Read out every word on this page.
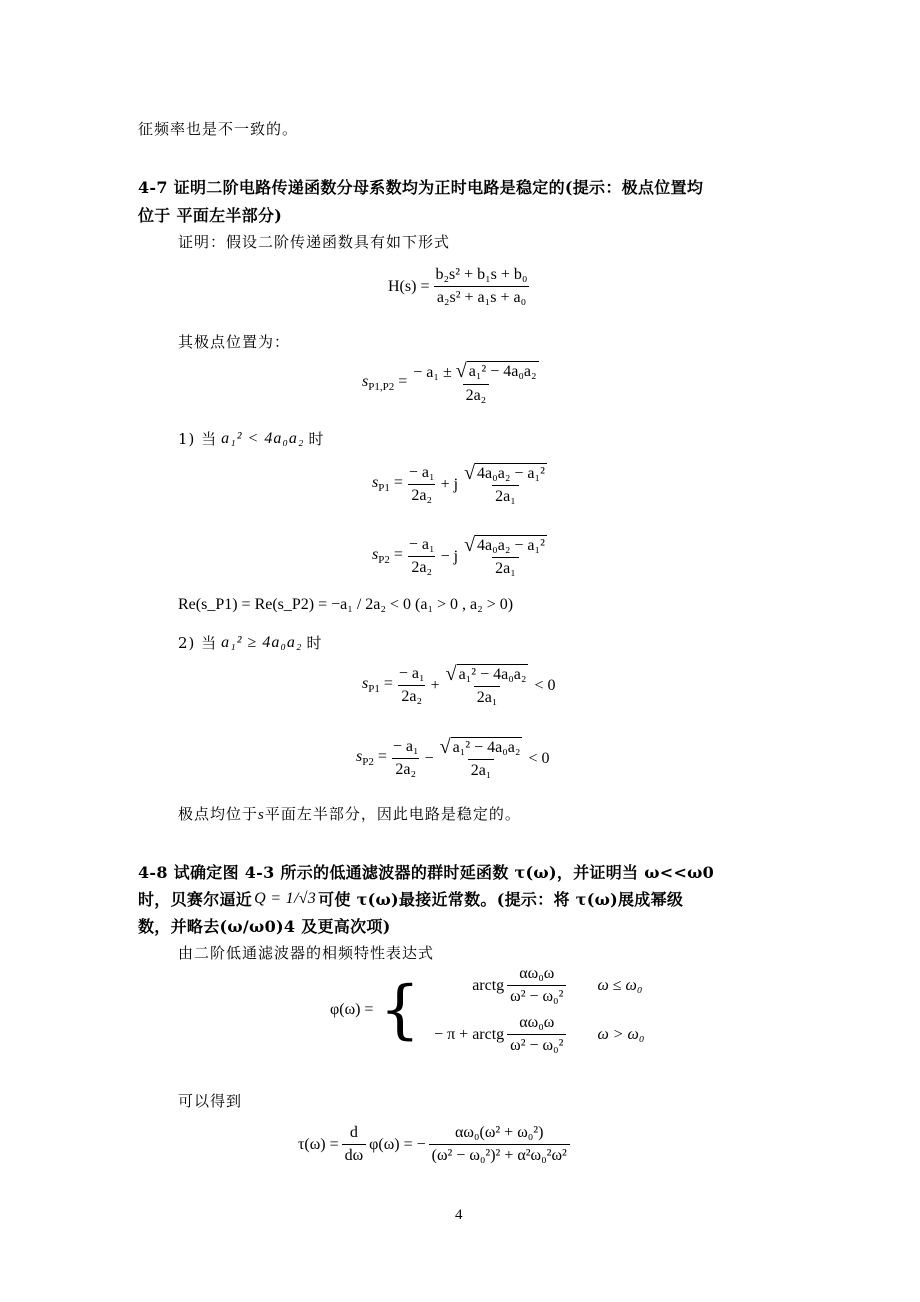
征频率也是不一致的。
4-7 证明二阶电路传递函数分母系数均为正时电路是稳定的(提示：极点位置均
位于 平面左半部分)
证明：假设二阶传递函数具有如下形式
$H(s) = \frac{\text{b₂s² + b₁s + b₀}}{\text{a₂s² + a₁s + a₀}}$
其极点位置为：
$s_{P1,P2} = \frac{\text{− a₁ ± √ a₁² − 4a₀a₂}}{\text{2a₂}}$
1) 当 a₁² < 4a₀a₂ 时
$s_{P1} = \frac{\text{− a₁}}{\text{2a₂}} + j \frac{\text{√ 4a₀a₂ − a₁²}}{\text{2a₁}}$
$s_{P2} = \frac{\text{− a₁}}{\text{2a₂}} - j \frac{\text{√ 4a₀a₂ − a₁²}}{\text{2a₁}}$
Re(s_P1) = Re(s_P2) = −a₁ / 2a₂ < 0 (a₁ > 0 , a₂ > 0)
2) 当 a₁² ≥ 4a₀a₂ 时
$s_{P1} = \frac{\text{− a₁}}{\text{2a₂}} + \frac{\text{√ a₁² − 4a₀a₂}}{\text{2a₁}} < 0$
$s_{P2} = \frac{\text{− a₁}}{\text{2a₂}} - \frac{\text{√ a₁² − 4a₀a₂}}{\text{2a₁}} < 0$
极点均位于s平面左半部分，因此电路是稳定的。
4-8 试确定图 4-3 所示的低通滤波器的群时延函数 τ(ω)，并证明当 ω<<ω0
时，贝赛尔逼近 Q = 1/√3 可使 τ(ω)最接近常数。(提示：将 τ(ω)展成幂级
数，并略去(ω/ω0)4 及更高次项)
由二阶低通滤波器的相频特性表达式
φ(ω) = {	arctg $\frac{\text{αω₀ω}}{\text{ω² − ω₀²}}$ ω ≤ ω₀
− π + arctg $\frac{\text{αω₀ω}}{\text{ω² − ω₀²}}$ ω > ω₀
可以得到
$\tau(\omega) = \frac{d}{d\omega} \varphi(\omega)$ = − $\frac{\text{αω₀(ω² + ω₀²)}}{\text{(ω² − ω₀²)² + α²ω₀²ω²}}$
4
